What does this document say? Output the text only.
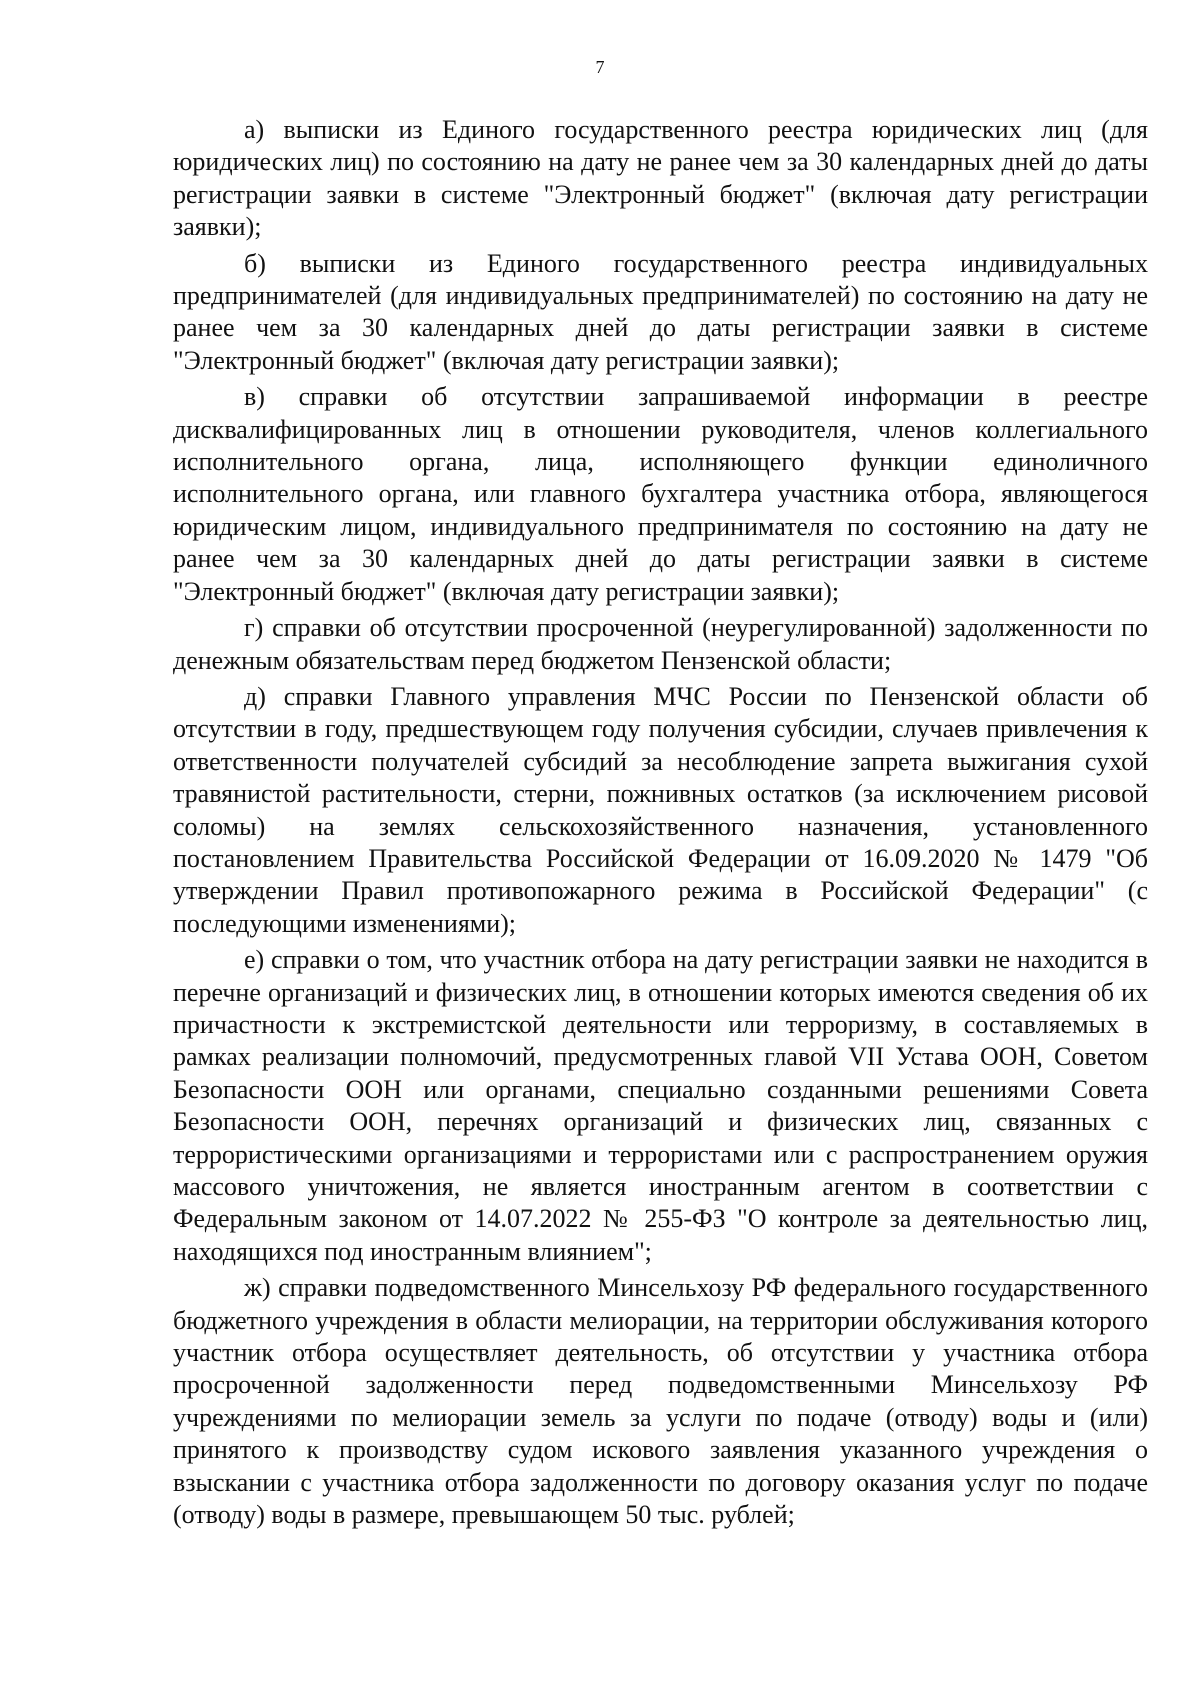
7

а) выписки из Единого государственного реестра юридических лиц (для юридических лиц) по состоянию на дату не ранее чем за 30 календарных дней до даты регистрации заявки в системе "Электронный бюджет" (включая дату регистрации заявки);

б) выписки из Единого государственного реестра индивидуальных предпринимателей (для индивидуальных предпринимателей) по состоянию на дату не ранее чем за 30 календарных дней до даты регистрации заявки в системе "Электронный бюджет" (включая дату регистрации заявки);

в) справки об отсутствии запрашиваемой информации в реестре дисквалифицированных лиц в отношении руководителя, членов коллегиального исполнительного органа, лица, исполняющего функции единоличного исполнительного органа, или главного бухгалтера участника отбора, являющегося юридическим лицом, индивидуального предпринимателя по состоянию на дату не ранее чем за 30 календарных дней до даты регистрации заявки в системе "Электронный бюджет" (включая дату регистрации заявки);

г) справки об отсутствии просроченной (неурегулированной) задолженности по денежным обязательствам перед бюджетом Пензенской области;

д) справки Главного управления МЧС России по Пензенской области об отсутствии в году, предшествующем году получения субсидии, случаев привлечения к ответственности получателей субсидий за несоблюдение запрета выжигания сухой травянистой растительности, стерни, пожнивных остатков (за исключением рисовой соломы) на землях сельскохозяйственного назначения, установленного постановлением Правительства Российской Федерации от 16.09.2020 № 1479 "Об утверждении Правил противопожарного режима в Российской Федерации" (с последующими изменениями);

е) справки о том, что участник отбора на дату регистрации заявки не находится в перечне организаций и физических лиц, в отношении которых имеются сведения об их причастности к экстремистской деятельности или терроризму, в составляемых в рамках реализации полномочий, предусмотренных главой VII Устава ООН, Советом Безопасности ООН или органами, специально созданными решениями Совета Безопасности ООН, перечнях организаций и физических лиц, связанных с террористическими организациями и террористами или с распространением оружия массового уничтожения, не является иностранным агентом в соответствии с Федеральным законом от 14.07.2022 № 255-ФЗ "О контроле за деятельностью лиц, находящихся под иностранным влиянием";

ж) справки подведомственного Минсельхозу РФ федерального государственного бюджетного учреждения в области мелиорации, на территории обслуживания которого участник отбора осуществляет деятельность, об отсутствии у участника отбора просроченной задолженности перед подведомственными Минсельхозу РФ учреждениями по мелиорации земель за услуги по подаче (отводу) воды и (или) принятого к производству судом искового заявления указанного учреждения о взыскании с участника отбора задолженности по договору оказания услуг по подаче (отводу) воды в размере, превышающем 50 тыс. рублей;
